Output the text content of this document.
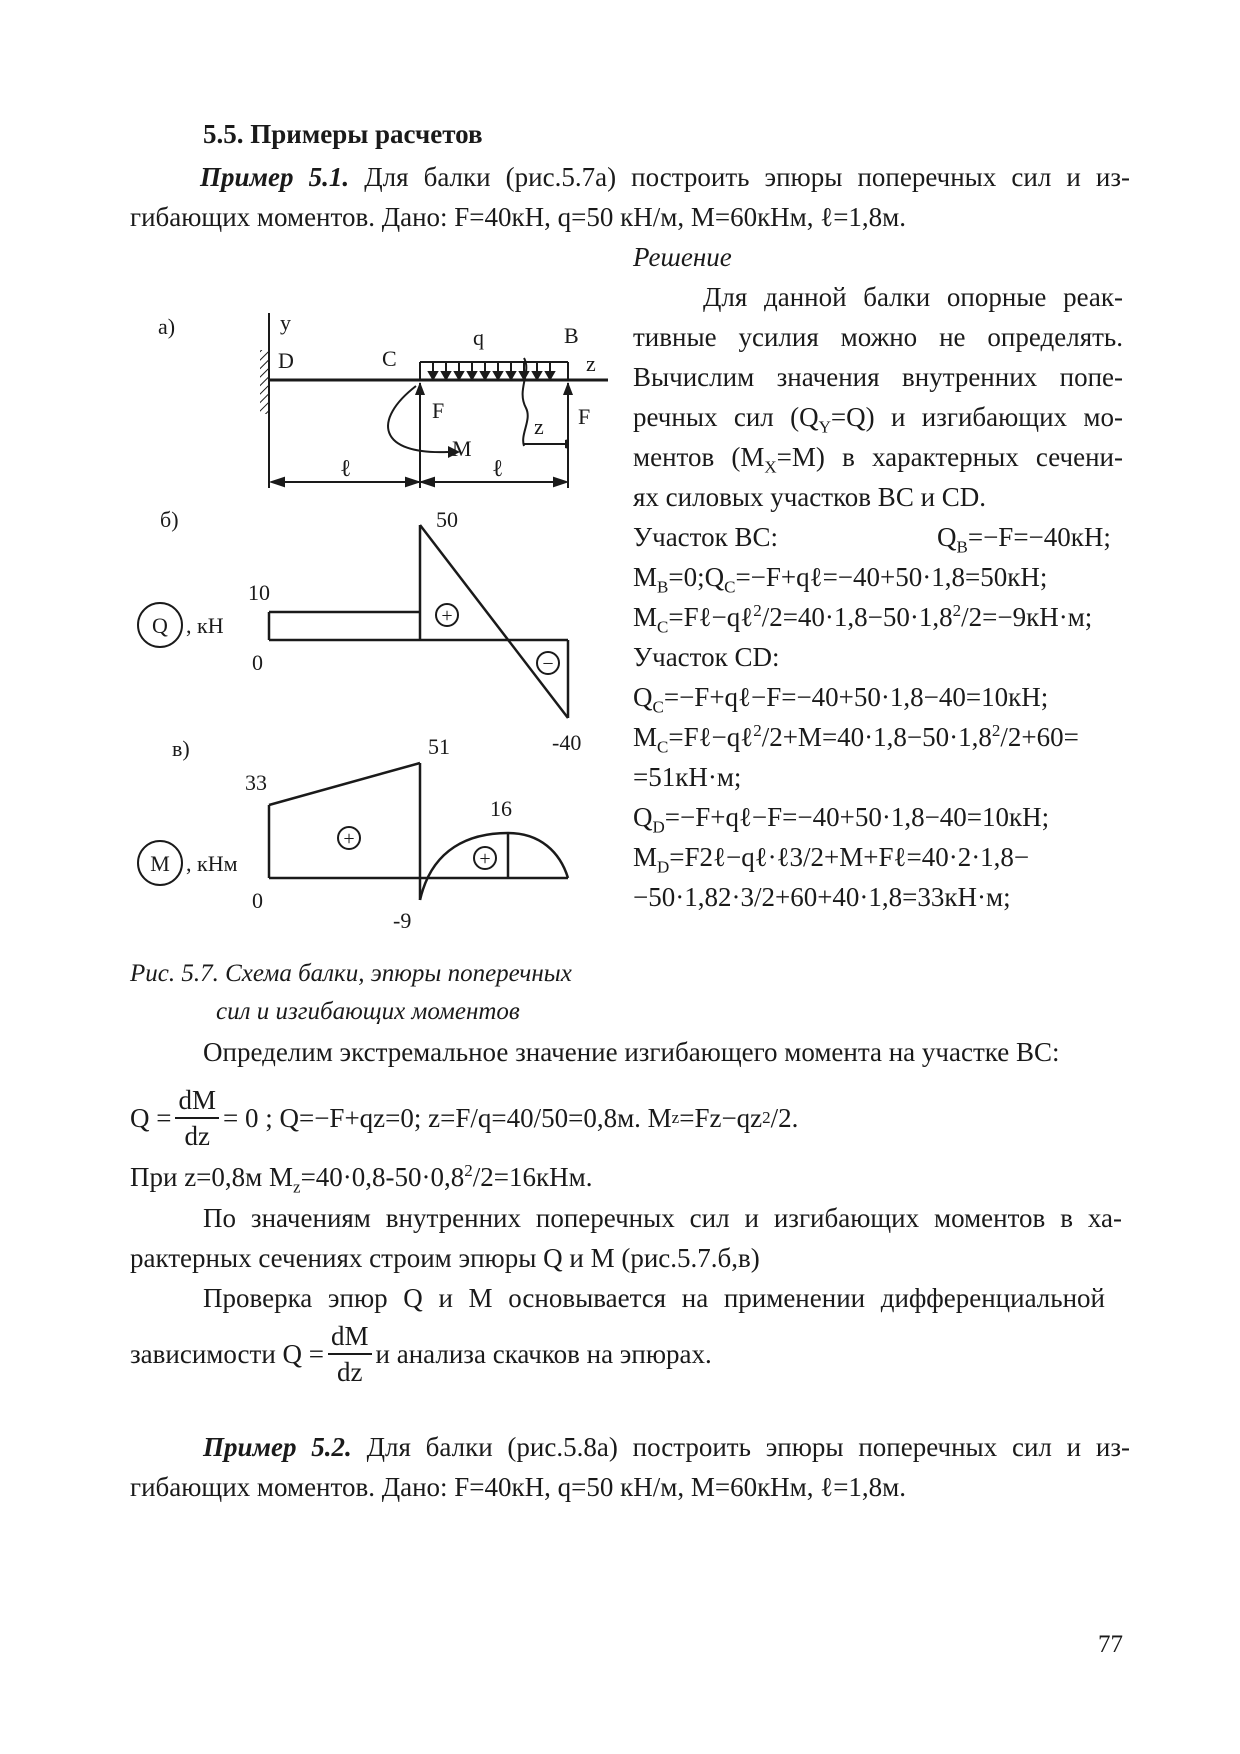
5.5. Примеры расчетов
Пример 5.1. Для балки (рис.5.7а) построить эпюры поперечных сил и из-
гибающих моментов. Дано: F=40кН, q=50 кН/м, M=60кНм, ℓ=1,8м.
Решение
Для данной балки опорные реак-
тивные усилия можно не определять.
Вычислим значения внутренних попе-
речных сил $(Q_Y=Q)$ и изгибающих мо-
ментов $(M_X=M)$ в характерных сечени-
ях силовых участков BC и CD.
Участок BC:	$Q_B=-F=-40кН$;
$M_B=0;Q_C=-F+q\ell=-40+50\cdot 1,8=50кН$;
$M_C=F\ell-q\ell^2/2=40\cdot 1,8-50\cdot 1,8^2/2=-9кН\cdot м$;
Участок CD:
$Q_C=-F+q\ell-F=-40+50\cdot 1,8-40=10кН$;
$M_C=F\ell-q\ell^2/2+M=40\cdot 1,8-50\cdot 1,8^2/2+60=$
=51кН·м;
$Q_D=-F+q\ell-F=-40+50\cdot 1,8-40=10кН$;
$M_D=F2\ell-q\ell\cdot\ell 3/2+M+F\ell=40\cdot 2\cdot 1,8-$
−50·1,82·3/2+60+40·1,8=33кН·м;
а)	y
D	C
q	B
z
F
M
F
z
ℓ	ℓ
б)	50
10
0
-40
+
−
Q , кН
в)
33
51
16
0
-9
+
+
M , кНм
Рис. 5.7. Схема балки, эпюры поперечных
сил и изгибающих моментов
Определим экстремальное значение изгибающего момента на участке BC:
$Q = \frac{dM}{dz} = 0$ ; Q=−F+qz=0; z=F/q=40/50=0,8м. M z =Fz−qz 2 /2.
При z=0,8м $M_z=40\cdot 0,8-50\cdot 0,8^2/2=16кНм$.
По значениям внутренних поперечных сил и изгибающих моментов в ха-
рактерных сечениях строим эпюры Q и M (рис.5.7.б,в)
Проверка эпюр Q и M основывается на применении дифференциальной
зависимости
$Q = \frac{dM}{dz}$ и анализа скачков на эпюрах.
Пример 5.2. Для балки (рис.5.8а) построить эпюры поперечных сил и из-
гибающих моментов. Дано: F=40кН, q=50 кН/м, M=60кНм, ℓ=1,8м.
77
